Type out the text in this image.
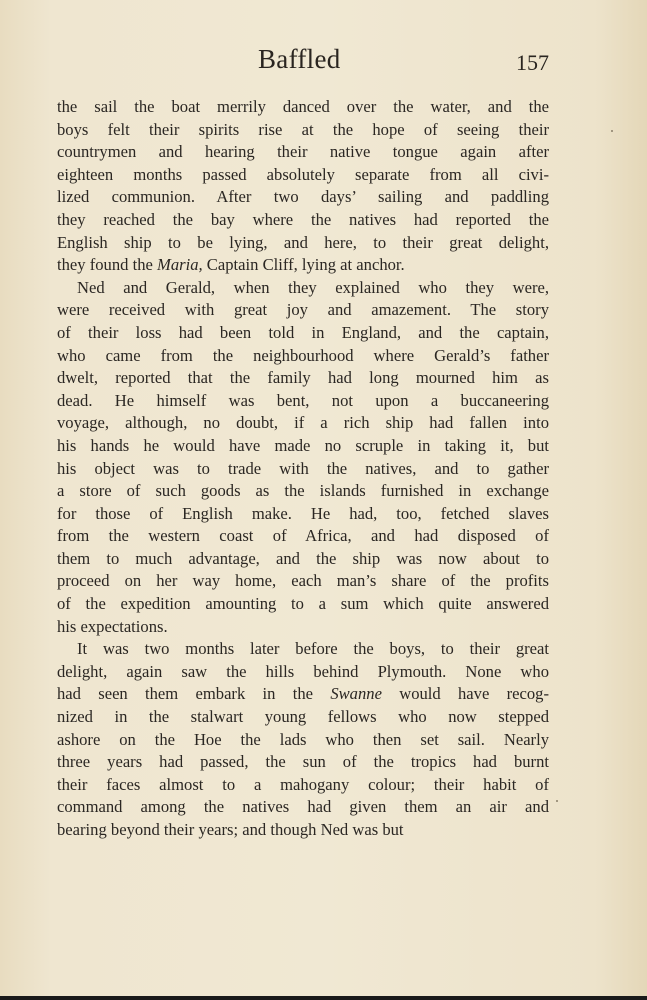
Baffled	157
the sail the boat merrily danced over the water, and the
boys felt their spirits rise at the hope of seeing their
countrymen and hearing their native tongue again after
eighteen months passed absolutely separate from all civi-
lized communion. After two days’ sailing and paddling
they reached the bay where the natives had reported the
English ship to be lying, and here, to their great delight,
they found the Maria, Captain Cliff, lying at anchor.
Ned and Gerald, when they explained who they were,
were received with great joy and amazement. The story
of their loss had been told in England, and the captain,
who came from the neighbourhood where Gerald’s father
dwelt, reported that the family had long mourned him as
dead. He himself was bent, not upon a buccaneering
voyage, although, no doubt, if a rich ship had fallen into
his hands he would have made no scruple in taking it, but
his object was to trade with the natives, and to gather
a store of such goods as the islands furnished in exchange
for those of English make. He had, too, fetched slaves
from the western coast of Africa, and had disposed of
them to much advantage, and the ship was now about to
proceed on her way home, each man’s share of the profits
of the expedition amounting to a sum which quite answered
his expectations.
It was two months later before the boys, to their great
delight, again saw the hills behind Plymouth. None who
had seen them embark in the Swanne would have recog-
nized in the stalwart young fellows who now stepped
ashore on the Hoe the lads who then set sail. Nearly
three years had passed, the sun of the tropics had burnt
their faces almost to a mahogany colour; their habit of
command among the natives had given them an air and
bearing beyond their years; and though Ned was but
